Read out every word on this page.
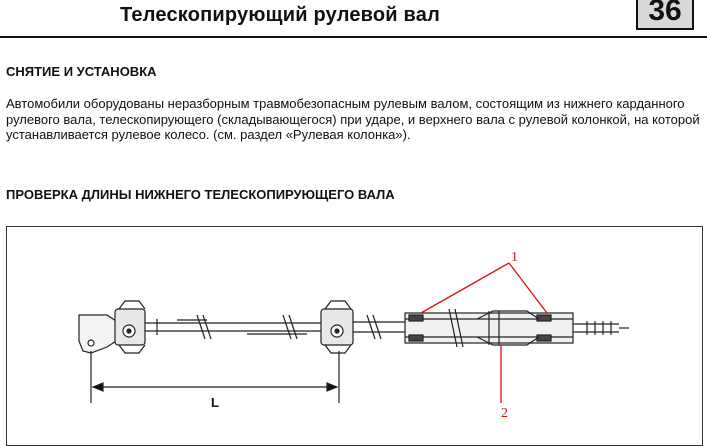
Телескопирующий рулевой вал	36
СНЯТИЕ И УСТАНОВКА
Автомобили оборудованы неразборным травмобезопасным рулевым валом, состоящим из нижнего карданного рулевого вала, телескопирующего (складывающегося) при ударе, и верхнего вала с рулевой колонкой, на которой устанавливается рулевое колесо. (см. раздел «Рулевая колонка»).
ПРОВЕРКА ДЛИНЫ НИЖНЕГО ТЕЛЕСКОПИРУЮЩЕГО ВАЛА
1
2
L
